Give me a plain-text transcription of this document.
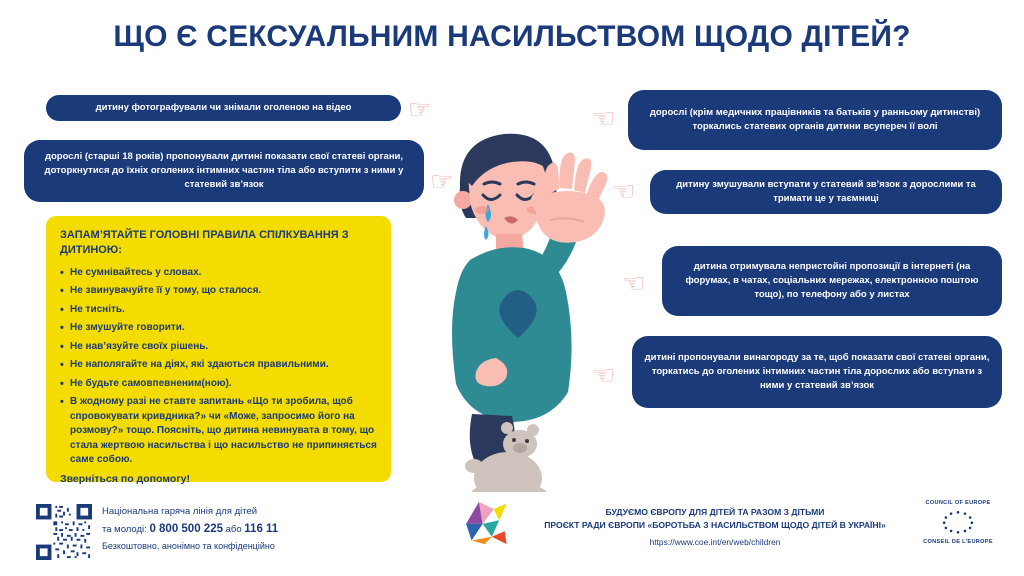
ЩО Є СЕКСУАЛЬНИМ НАСИЛЬСТВОМ ЩОДО ДІТЕЙ?
дитину фотографували чи знімали оголеною на відео
дорослі (старші 18 років) пропонували дитині показати свої статеві органи, доторкнутися до їхніх оголених інтимних частин тіла або вступити з ними у статевий зв’язок
дорослі (крім медичних працівників та батьків у ранньому дитинстві) торкались статевих органів дитини всупереч її волі
дитину змушували вступати у статевий зв’язок з дорослими та тримати це у таємниці
дитина отримувала непристойні пропозиції в інтернеті (на форумах, в чатах, соціальних мережах, електронною поштою тощо), по телефону або у листах
дитині пропонували винагороду за те, щоб показати свої статеві органи, торкатись до оголених інтимних частин тіла дорослих або вступати з ними у статевий зв’язок
☞
☞
☞
☞
☞
☞
ЗАПАМ’ЯТАЙТЕ ГОЛОВНІ ПРАВИЛА СПІЛКУВАННЯ З ДИТИНОЮ:
• Не сумнівайтесь у словах.
• Не звинувачуйте її у тому, що сталося.
• Не тисніть.
• Не змушуйте говорити.
• Не нав’язуйте своїх рішень.
• Не наполягайте на діях, які здаються правильними.
• Не будьте самовпевненим(ною).
• В жодному разі не ставте запитань «Що ти зробила, щоб спровокувати кривдника?» чи «Може, запросимо його на розмову?» тощо. Поясніть, що дитина невинувата в тому, що стала жертвою насильства і що насильство не припиняється саме собою.
Зверніться по допомогу!
Національна гаряча лінія для дітей
та молоді: 0 800 500 225 або 116 11
Безкоштовно, анонімно та конфіденційно
БУДУЄМО ЄВРОПУ ДЛЯ ДІТЕЙ ТА РАЗОМ З ДІТЬМИ
ПРОЄКТ РАДИ ЄВРОПИ «БОРОТЬБА З НАСИЛЬСТВОМ ЩОДО ДІТЕЙ В УКРАЇНІ»
https://www.coe.int/en/web/children
COUNCIL OF EUROPE
CONSEIL DE L'EUROPE
